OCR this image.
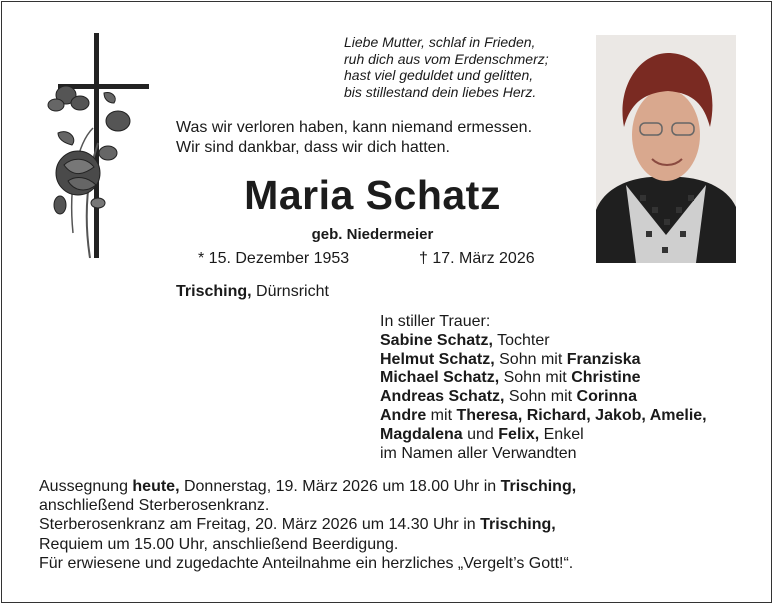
Liebe Mutter, schlaf in Frieden,
ruh dich aus vom Erdenschmerz;
hast viel geduldet und gelitten,
bis stillestand dein liebes Herz.
Was wir verloren haben, kann niemand ermessen.
Wir sind dankbar, dass wir dich hatten.
Maria Schatz
geb. Niedermeier
* 15. Dezember 1953	† 17. März 2026
Trisching, Dürnsricht
In stiller Trauer:
Sabine Schatz, Tochter
Helmut Schatz, Sohn mit Franziska
Michael Schatz, Sohn mit Christine
Andreas Schatz, Sohn mit Corinna
Andre mit Theresa, Richard, Jakob, Amelie,
Magdalena und Felix, Enkel
im Namen aller Verwandten
Aussegnung heute, Donnerstag, 19. März 2026 um 18.00 Uhr in Trisching,
anschließend Sterberosenkranz.
Sterberosenkranz am Freitag, 20. März 2026 um 14.30 Uhr in Trisching,
Requiem um 15.00 Uhr, anschließend Beerdigung.
Für erwiesene und zugedachte Anteilnahme ein herzliches „Vergelt’s Gott!“.
